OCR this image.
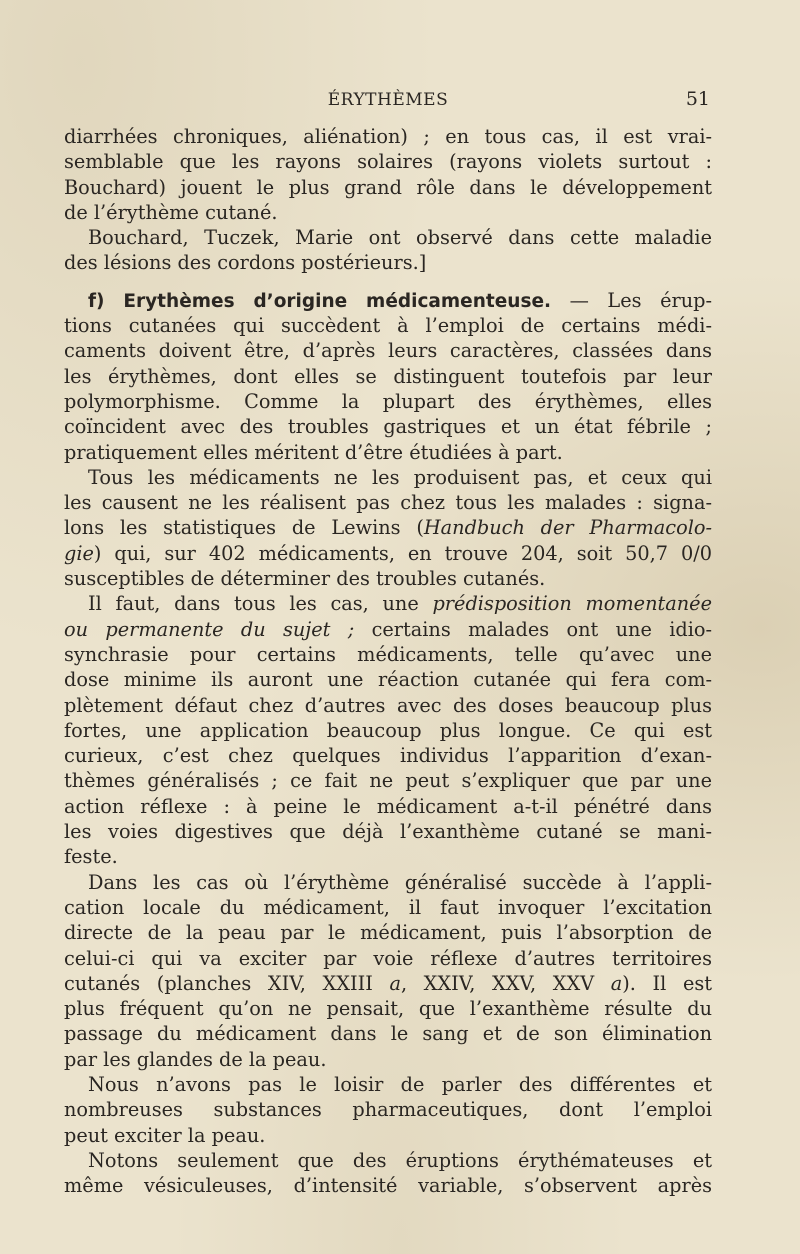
ÉRYTHÈMES	51
diarrhées chroniques, aliénation) ; en tous cas, il est vrai-
semblable que les rayons solaires (rayons violets surtout :
Bouchard) jouent le plus grand rôle dans le développement
de l’érythème cutané.
Bouchard, Tuczek, Marie ont observé dans cette maladie
des lésions des cordons postérieurs.]
f) Erythèmes d’origine médicamenteuse. — Les érup-
tions cutanées qui succèdent à l’emploi de certains médi-
caments doivent être, d’après leurs caractères, classées dans
les érythèmes, dont elles se distinguent toutefois par leur
polymorphisme. Comme la plupart des érythèmes, elles
coïncident avec des troubles gastriques et un état fébrile ;
pratiquement elles méritent d’être étudiées à part.
Tous les médicaments ne les produisent pas, et ceux qui
les causent ne les réalisent pas chez tous les malades : signa-
lons les statistiques de Lewins (Handbuch der Pharmacolo-
gie) qui, sur 402 médicaments, en trouve 204, soit 50,7 0/0
susceptibles de déterminer des troubles cutanés.
Il faut, dans tous les cas, une prédisposition momentanée
ou permanente du sujet ; certains malades ont une idio-
synchrasie pour certains médicaments, telle qu’avec une
dose minime ils auront une réaction cutanée qui fera com-
plètement défaut chez d’autres avec des doses beaucoup plus
fortes, une application beaucoup plus longue. Ce qui est
curieux, c’est chez quelques individus l’apparition d’exan-
thèmes généralisés ; ce fait ne peut s’expliquer que par une
action réflexe : à peine le médicament a-t-il pénétré dans
les voies digestives que déjà l’exanthème cutané se mani-
feste.
Dans les cas où l’érythème généralisé succède à l’appli-
cation locale du médicament, il faut invoquer l’excitation
directe de la peau par le médicament, puis l’absorption de
celui-ci qui va exciter par voie réflexe d’autres territoires
cutanés (planches XIV, XXIII a, XXIV, XXV, XXV a). Il est
plus fréquent qu’on ne pensait, que l’exanthème résulte du
passage du médicament dans le sang et de son élimination
par les glandes de la peau.
Nous n’avons pas le loisir de parler des différentes et
nombreuses substances pharmaceutiques, dont l’emploi
peut exciter la peau.
Notons seulement que des éruptions érythémateuses et
même vésiculeuses, d’intensité variable, s’observent après
